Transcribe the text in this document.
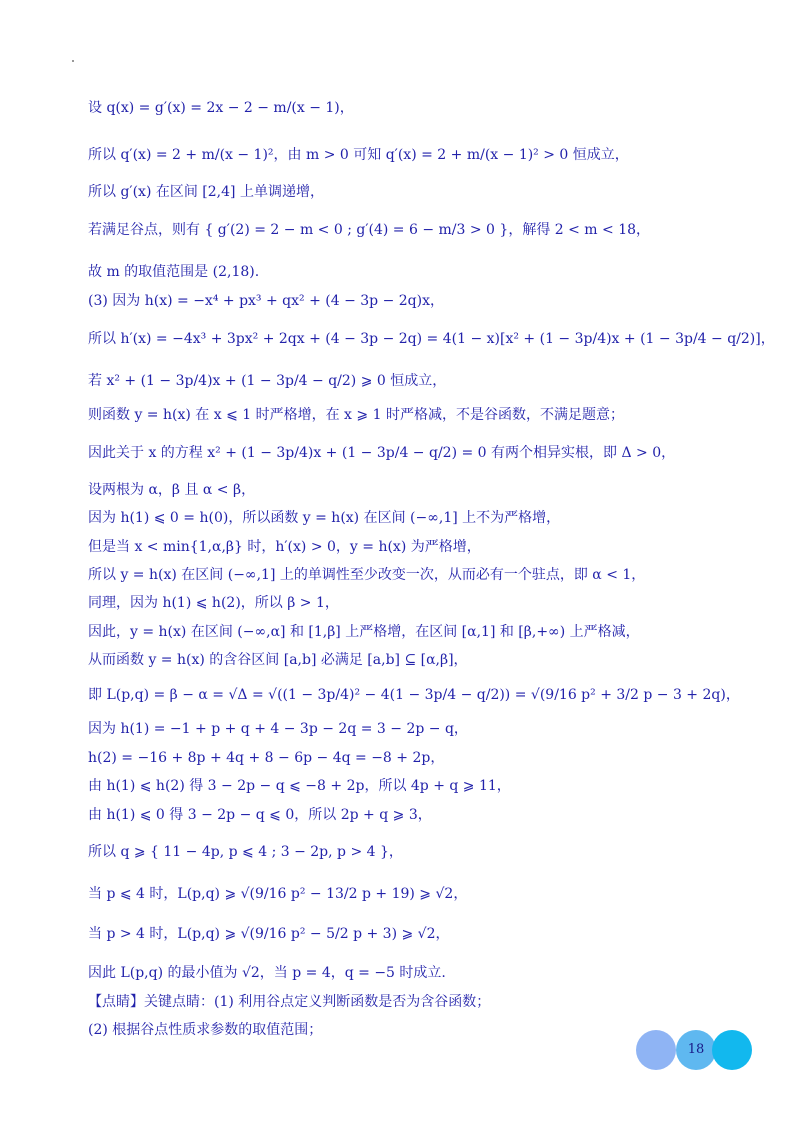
设 q(x) = g′(x) = 2x − 2 − m/(x − 1)，
所以 q′(x) = 2 + m/(x − 1)²，由 m > 0 可知 q′(x) = 2 + m/(x − 1)² > 0 恒成立，
所以 g′(x) 在区间 [2,4] 上单调递增，
若满足谷点，则有 { g′(2) = 2 − m < 0 ; g′(4) = 6 − m/3 > 0 }，解得 2 < m < 18，
故 m 的取值范围是 (2,18).
(3) 因为 h(x) = −x⁴ + px³ + qx² + (4 − 3p − 2q)x，
所以 h′(x) = −4x³ + 3px² + 2qx + (4 − 3p − 2q) = 4(1 − x)[x² + (1 − 3p/4)x + (1 − 3p/4 − q/2)]，
若 x² + (1 − 3p/4)x + (1 − 3p/4 − q/2) ⩾ 0 恒成立，
则函数 y = h(x) 在 x ⩽ 1 时严格增，在 x ⩾ 1 时严格减，不是谷函数，不满足题意；
因此关于 x 的方程 x² + (1 − 3p/4)x + (1 − 3p/4 − q/2) = 0 有两个相异实根，即 Δ > 0，
设两根为 α，β 且 α < β，
因为 h(1) ⩽ 0 = h(0)，所以函数 y = h(x) 在区间 (−∞,1] 上不为严格增，
但是当 x < min{1,α,β} 时，h′(x) > 0，y = h(x) 为严格增，
所以 y = h(x) 在区间 (−∞,1] 上的单调性至少改变一次，从而必有一个驻点，即 α < 1，
同理，因为 h(1) ⩽ h(2)，所以 β > 1，
因此，y = h(x) 在区间 (−∞,α] 和 [1,β] 上严格增，在区间 [α,1] 和 [β,+∞) 上严格减，
从而函数 y = h(x) 的含谷区间 [a,b] 必满足 [a,b] ⊆ [α,β]，
即 L(p,q) = β − α = √Δ = √((1 − 3p/4)² − 4(1 − 3p/4 − q/2)) = √(9/16 p² + 3/2 p − 3 + 2q)，
因为 h(1) = −1 + p + q + 4 − 3p − 2q = 3 − 2p − q，
h(2) = −16 + 8p + 4q + 8 − 6p − 4q = −8 + 2p，
由 h(1) ⩽ h(2) 得 3 − 2p − q ⩽ −8 + 2p，所以 4p + q ⩾ 11，
由 h(1) ⩽ 0 得 3 − 2p − q ⩽ 0，所以 2p + q ⩾ 3，
所以 q ⩾ { 11 − 4p, p ⩽ 4 ; 3 − 2p, p > 4 }，
当 p ⩽ 4 时，L(p,q) ⩾ √(9/16 p² − 13/2 p + 19) ⩾ √2，
当 p > 4 时，L(p,q) ⩾ √(9/16 p² − 5/2 p + 3) ⩾ √2，
因此 L(p,q) 的最小值为 √2，当 p = 4，q = −5 时成立.
【点睛】关键点睛：(1) 利用谷点定义判断函数是否为含谷函数；
(2) 根据谷点性质求参数的取值范围；
18
